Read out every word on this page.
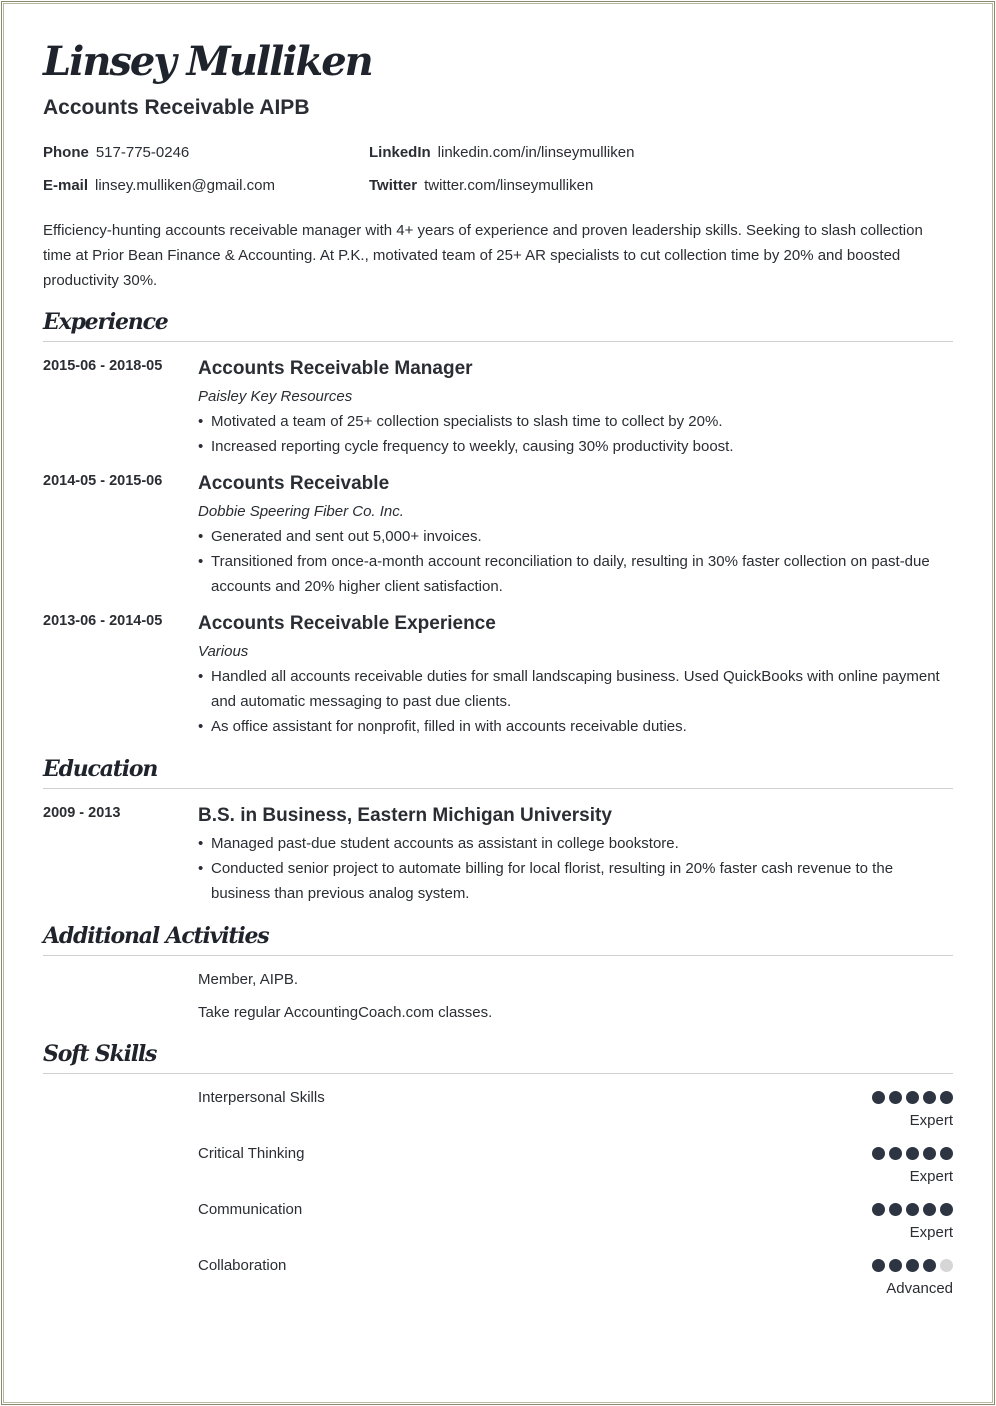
Linsey Mulliken
Accounts Receivable AIPB
Phone 517-775-0246	LinkedIn linkedin.com/in/linseymulliken
E-mail linsey.mulliken@gmail.com	Twitter twitter.com/linseymulliken
Efficiency-hunting accounts receivable manager with 4+ years of experience and proven leadership skills. Seeking to slash collection time at Prior Bean Finance & Accounting. At P.K., motivated team of 25+ AR specialists to cut collection time by 20% and boosted productivity 30%.
Experience
2015-06 - 2018-05 Accounts Receivable Manager
Paisley Key Resources
• Motivated a team of 25+ collection specialists to slash time to collect by 20%.
• Increased reporting cycle frequency to weekly, causing 30% productivity boost.
2014-05 - 2015-06 Accounts Receivable
Dobbie Speering Fiber Co. Inc.
• Generated and sent out 5,000+ invoices.
• Transitioned from once-a-month account reconciliation to daily, resulting in 30% faster collection on past-due accounts and 20% higher client satisfaction.
2013-06 - 2014-05 Accounts Receivable Experience
Various
• Handled all accounts receivable duties for small landscaping business. Used QuickBooks with online payment and automatic messaging to past due clients.
• As office assistant for nonprofit, filled in with accounts receivable duties.
Education
2009 - 2013	B.S. in Business, Eastern Michigan University
• Managed past-due student accounts as assistant in college bookstore.
• Conducted senior project to automate billing for local florist, resulting in 20% faster cash revenue to the business than previous analog system.
Additional Activities
Member, AIPB.
Take regular AccountingCoach.com classes.
Soft Skills
Interpersonal Skills
Expert
Critical Thinking
Expert
Communication
Expert
Collaboration
Advanced
